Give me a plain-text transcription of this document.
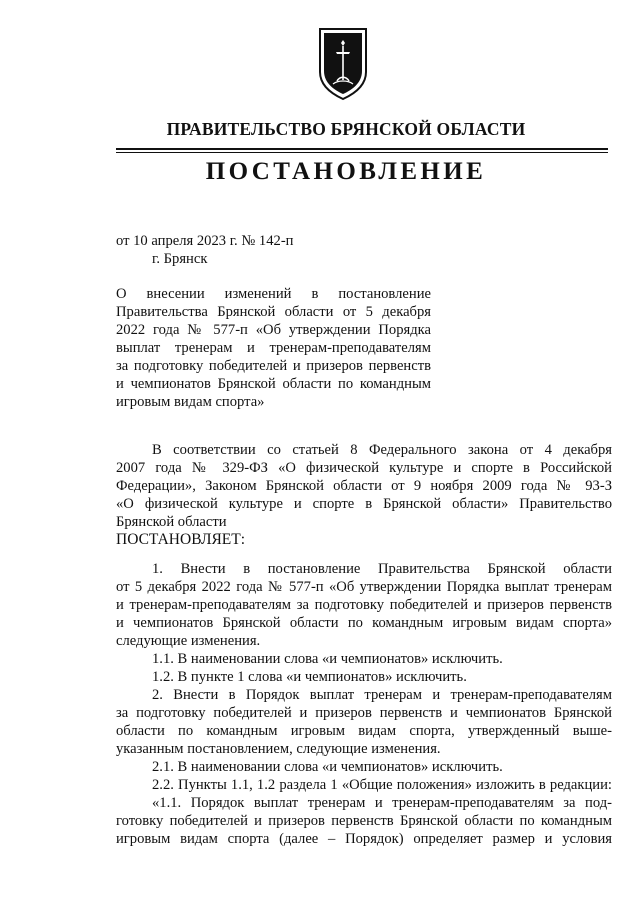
ПРАВИТЕЛЬСТВО БРЯНСКОЙ ОБЛАСТИ
ПОСТАНОВЛЕНИЕ
от 10 апреля 2023 г. № 142-п
г. Брянск
О внесении изменений в постановление
Правительства Брянской области от 5 декабря
2022 года № 577-п «Об утверждении Порядка
выплат тренерам и тренерам-преподавателям
за подготовку победителей и призеров первенств
и чемпионатов Брянской области по командным
игровым видам спорта»
В соответствии со статьей 8 Федерального закона от 4 декабря
2007 года № 329-ФЗ «О физической культуре и спорте в Российской
Федерации», Законом Брянской области от 9 ноября 2009 года № 93-З
«О физической культуре и спорте в Брянской области» Правительство
Брянской области
ПОСТАНОВЛЯЕТ:
1. Внести в постановление Правительства Брянской области
от 5 декабря 2022 года № 577-п «Об утверждении Порядка выплат тренерам
и тренерам-преподавателям за подготовку победителей и призеров первенств
и чемпионатов Брянской области по командным игровым видам спорта»
следующие изменения.
1.1. В наименовании слова «и чемпионатов» исключить.
1.2. В пункте 1 слова «и чемпионатов» исключить.
2. Внести в Порядок выплат тренерам и тренерам-преподавателям
за подготовку победителей и призеров первенств и чемпионатов Брянской
области по командным игровым видам спорта, утвержденный выше-
указанным постановлением, следующие изменения.
2.1. В наименовании слова «и чемпионатов» исключить.
2.2. Пункты 1.1, 1.2 раздела 1 «Общие положения» изложить в редакции:
«1.1. Порядок выплат тренерам и тренерам-преподавателям за под-
готовку победителей и призеров первенств Брянской области по командным
игровым видам спорта (далее – Порядок) определяет размер и условия
